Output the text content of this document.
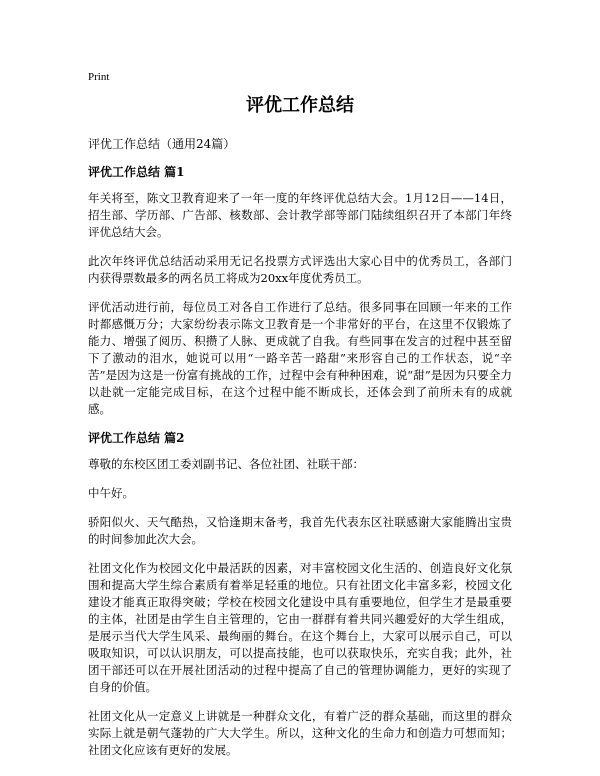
Print
评优工作总结
评优工作总结（通用24篇）
评优工作总结 篇1

年关将至，陈文卫教育迎来了一年一度的年终评优总结大会。1月12日——14日，招生部、学历部、广告部、核数部、会计教学部等部门陆续组织召开了本部门年终评优总结大会。

此次年终评优总结活动采用无记名投票方式评选出大家心目中的优秀员工，各部门内获得票数最多的两名员工将成为20xx年度优秀员工。

评优活动进行前，每位员工对各自工作进行了总结。很多同事在回顾一年来的工作时都感慨万分；大家纷纷表示陈文卫教育是一个非常好的平台，在这里不仅锻炼了能力、增强了阅历、积攒了人脉、更成就了自我。有些同事在发言的过程中甚至留下了激动的泪水，她说可以用“一路辛苦一路甜”来形容自己的工作状态，说“辛苦”是因为这是一份富有挑战的工作，过程中会有种种困难，说“甜”是因为只要全力以赴就一定能完成目标，在这个过程中能不断成长，还体会到了前所未有的成就感。

评优工作总结 篇2

尊敬的东校区团工委刘副书记、各位社团、社联干部：

中午好。

骄阳似火、天气酷热，又恰逢期末备考，我首先代表东区社联感谢大家能腾出宝贵的时间参加此次大会。

社团文化作为校园文化中最活跃的因素，对丰富校园文化生活的、创造良好文化氛围和提高大学生综合素质有着举足轻重的地位。只有社团文化丰富多彩，校园文化建设才能真正取得突破；学校在校园文化建设中具有重要地位，但学生才是最重要的主体，社团是由学生自主管理的，它由一群群有着共同兴趣爱好的大学生组成，是展示当代大学生风采、最绚丽的舞台。在这个舞台上，大家可以展示自己，可以吸取知识，可以认识朋友，可以提高技能，也可以获取快乐，充实自我；此外，社团干部还可以在开展社团活动的过程中提高了自己的管理协调能力，更好的实现了自身的价值。

社团文化从一定意义上讲就是一种群众文化，有着广泛的群众基础，而这里的群众实际上就是朝气蓬勃的广大大学生。所以，这种文化的生命力和创造力可想而知；社团文化应该有更好的发展。
